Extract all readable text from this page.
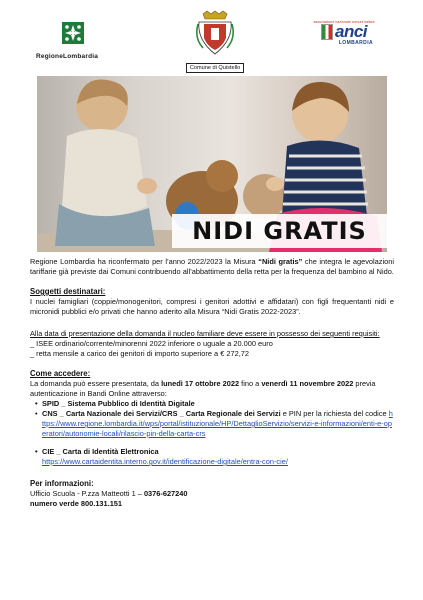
RegioneLombardia
Comune di Quistello
associazione nazionale comuni italiani
anci
LOMBARDIA
NIDI GRATIS

Regione Lombardia ha riconfermato per l’anno 2022/2023 la Misura “Nidi gratis” che integra le agevolazioni tariffarie già previste dai Comuni contribuendo all’abbattimento della retta per la frequenza del bambino al Nido.

Soggetti destinatari:

I nuclei famigliari (coppie/monogenitori, compresi i genitori adottivi e affidatari) con figli frequentanti nidi e micronidi pubblici e/o privati che hanno aderito alla Misura “Nidi Gratis 2022-2023”.

Alla data di presentazione della domanda il nucleo familiare deve essere in possesso dei seguenti requisiti:

_ ISEE ordinario/corrente/minorenni 2022 inferiore o uguale a 20.000 euro

_ retta mensile a carico dei genitori di importo superiore a € 272,72

Come accedere:

La domanda può essere presentata, da lunedì 17 ottobre 2022 fino a venerdì 11 novembre 2022 previa autenticazione in Bandi Online attraverso:

• SPID _ Sistema Pubblico di Identità Digitale

• CNS _ Carta Nazionale dei Servizi/CRS _ Carta Regionale dei Servizi e PIN per la richiesta del codice https://www.regione.lombardia.it/wps/portal/istituzionale/HP/DettaglioServizio/servizi-e-informazioni/enti-e-operatori/autonomie-locali/rilascio-pin-della-carta-crs

• CIE _ Carta di Identità Elettronica

https://www.cartaidentita.interno.gov.it/identificazione-digitale/entra-con-cie/

Per informazioni:

Ufficio Scuola - P.zza Matteotti 1 – 0376-627240

numero verde 800.131.151
